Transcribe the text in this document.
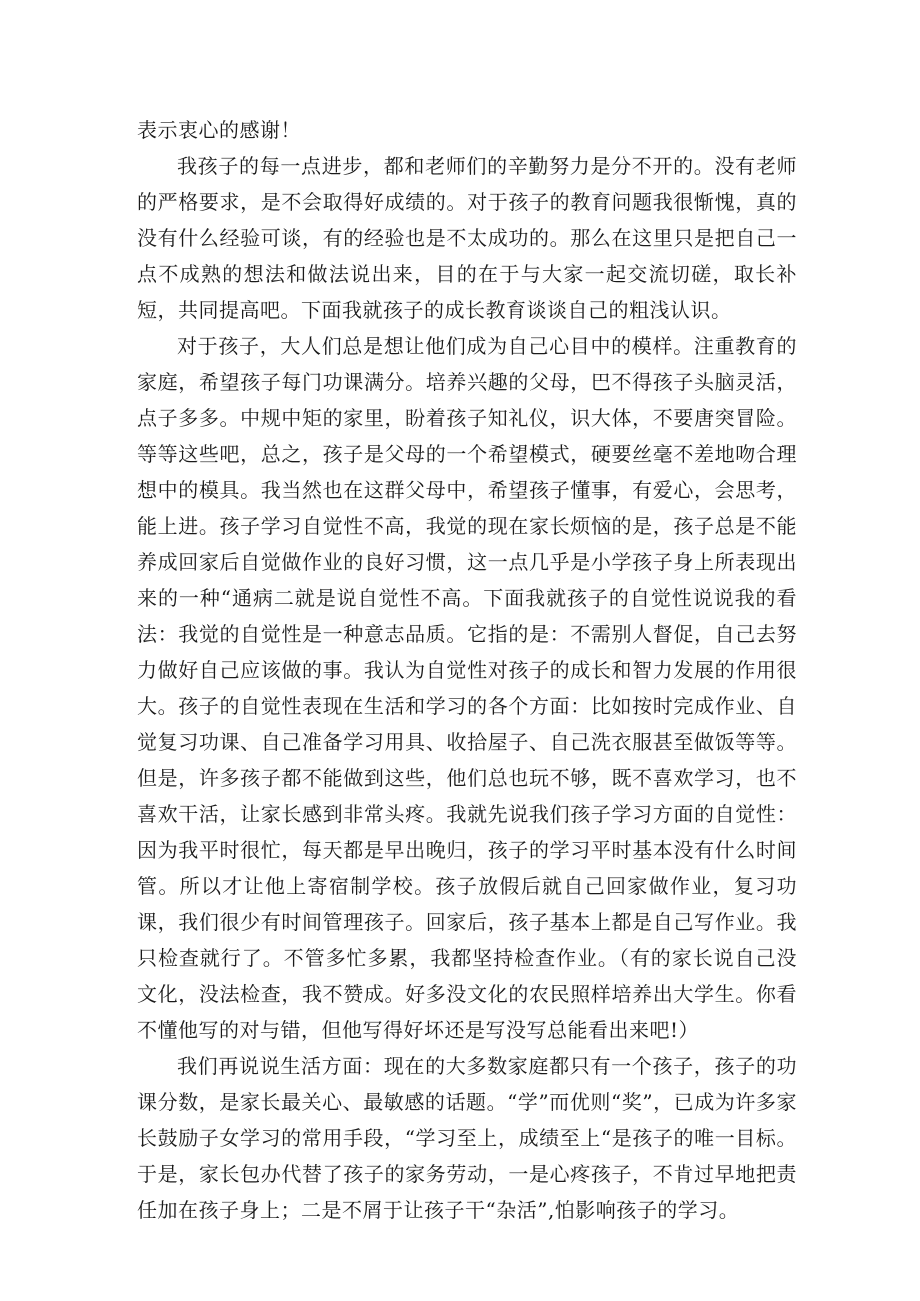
表示衷心的感谢！

我孩子的每一点进步，都和老师们的辛勤努力是分不开的。没有老师的严格要求，是不会取得好成绩的。对于孩子的教育问题我很惭愧，真的没有什么经验可谈，有的经验也是不太成功的。那么在这里只是把自己一点不成熟的想法和做法说出来，目的在于与大家一起交流切磋，取长补短，共同提高吧。下面我就孩子的成长教育谈谈自己的粗浅认识。

对于孩子，大人们总是想让他们成为自己心目中的模样。注重教育的家庭，希望孩子每门功课满分。培养兴趣的父母，巴不得孩子头脑灵活，点子多多。中规中矩的家里，盼着孩子知礼仪，识大体，不要唐突冒险。等等这些吧，总之，孩子是父母的一个希望模式，硬要丝毫不差地吻合理想中的模具。我当然也在这群父母中，希望孩子懂事，有爱心，会思考，能上进。孩子学习自觉性不高，我觉的现在家长烦恼的是，孩子总是不能养成回家后自觉做作业的良好习惯，这一点几乎是小学孩子身上所表现出来的一种“通病二就是说自觉性不高。下面我就孩子的自觉性说说我的看法：我觉的自觉性是一种意志品质。它指的是：不需别人督促，自己去努力做好自己应该做的事。我认为自觉性对孩子的成长和智力发展的作用很大。孩子的自觉性表现在生活和学习的各个方面：比如按时完成作业、自觉复习功课、自己准备学习用具、收拾屋子、自己洗衣服甚至做饭等等。但是，许多孩子都不能做到这些，他们总也玩不够，既不喜欢学习，也不喜欢干活，让家长感到非常头疼。我就先说我们孩子学习方面的自觉性：因为我平时很忙，每天都是早出晚归，孩子的学习平时基本没有什么时间管。所以才让他上寄宿制学校。孩子放假后就自己回家做作业，复习功课，我们很少有时间管理孩子。回家后，孩子基本上都是自己写作业。我只检查就行了。不管多忙多累，我都坚持检查作业。（有的家长说自己没文化，没法检查，我不赞成。好多没文化的农民照样培养出大学生。你看不懂他写的对与错，但他写得好坏还是写没写总能看出来吧!）

我们再说说生活方面：现在的大多数家庭都只有一个孩子，孩子的功课分数，是家长最关心、最敏感的话题。“学”而优则“奖”，已成为许多家长鼓励子女学习的常用手段，“学习至上，成绩至上“是孩子的唯一目标。于是，家长包办代替了孩子的家务劳动，一是心疼孩子，不肯过早地把责任加在孩子身上；二是不屑于让孩子干“杂活”,怕影响孩子的学习。
